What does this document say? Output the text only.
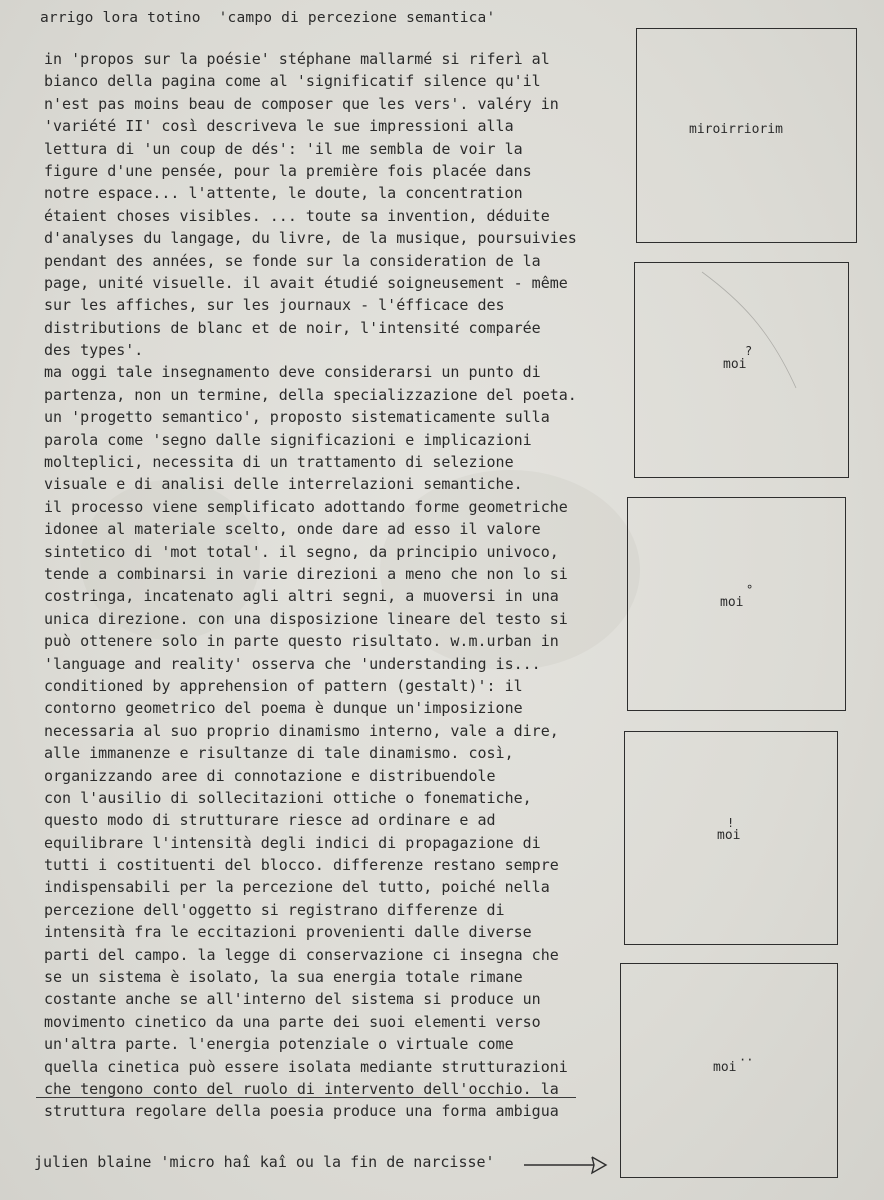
arrigo lora totino  'campo di percezione semantica'
in 'propos sur la poésie' stéphane mallarmé si riferì al
bianco della pagina come al 'significatif silence qu'il
n'est pas moins beau de composer que les vers'. valéry in
'variété II' così descriveva le sue impressioni alla
lettura di 'un coup de dés': 'il me sembla de voir la
figure d'une pensée, pour la première fois placée dans
notre espace... l'attente, le doute, la concentration
étaient choses visibles. ... toute sa invention, déduite
d'analyses du langage, du livre, de la musique, poursuivies
pendant des années, se fonde sur la consideration de la
page, unité visuelle. il avait étudié soigneusement - même
sur les affiches, sur les journaux - l'éfficace des
distributions de blanc et de noir, l'intensité comparée
des types'.
ma oggi tale insegnamento deve considerarsi un punto di
partenza, non un termine, della specializzazione del poeta.
un 'progetto semantico', proposto sistematicamente sulla
parola come 'segno dalle significazioni e implicazioni
molteplici, necessita di un trattamento di selezione
visuale e di analisi delle interrelazioni semantiche.
il processo viene semplificato adottando forme geometriche
idonee al materiale scelto, onde dare ad esso il valore
sintetico di 'mot total'. il segno, da principio univoco,
tende a combinarsi in varie direzioni a meno che non lo si
costringa, incatenato agli altri segni, a muoversi in una
unica direzione. con una disposizione lineare del testo si
può ottenere solo in parte questo risultato. w.m.urban in
'language and reality' osserva che 'understanding is...
conditioned by apprehension of pattern (gestalt)': il
contorno geometrico del poema è dunque un'imposizione
necessaria al suo proprio dinamismo interno, vale a dire,
alle immanenze e risultanze di tale dinamismo. così,
organizzando aree di connotazione e distribuendole
con l'ausilio di sollecitazioni ottiche o fonematiche,
questo modo di strutturare riesce ad ordinare e ad
equilibrare l'intensità degli indici di propagazione di
tutti i costituenti del blocco. differenze restano sempre
indispensabili per la percezione del tutto, poiché nella
percezione dell'oggetto si registrano differenze di
intensità fra le eccitazioni provenienti dalle diverse
parti del campo. la legge di conservazione ci insegna che
se un sistema è isolato, la sua energia totale rimane
costante anche se all'interno del sistema si produce un
movimento cinetico da una parte dei suoi elementi verso
un'altra parte. l'energia potenziale o virtuale come
quella cinetica può essere isolata mediante strutturazioni
che tengono conto del ruolo di intervento dell'occhio. la
struttura regolare della poesia produce una forma ambigua
julien blaine 'micro haî kaî ou la fin de narcisse'
miroirriorim
?
moi
°
moi
!
moi
··
moi
